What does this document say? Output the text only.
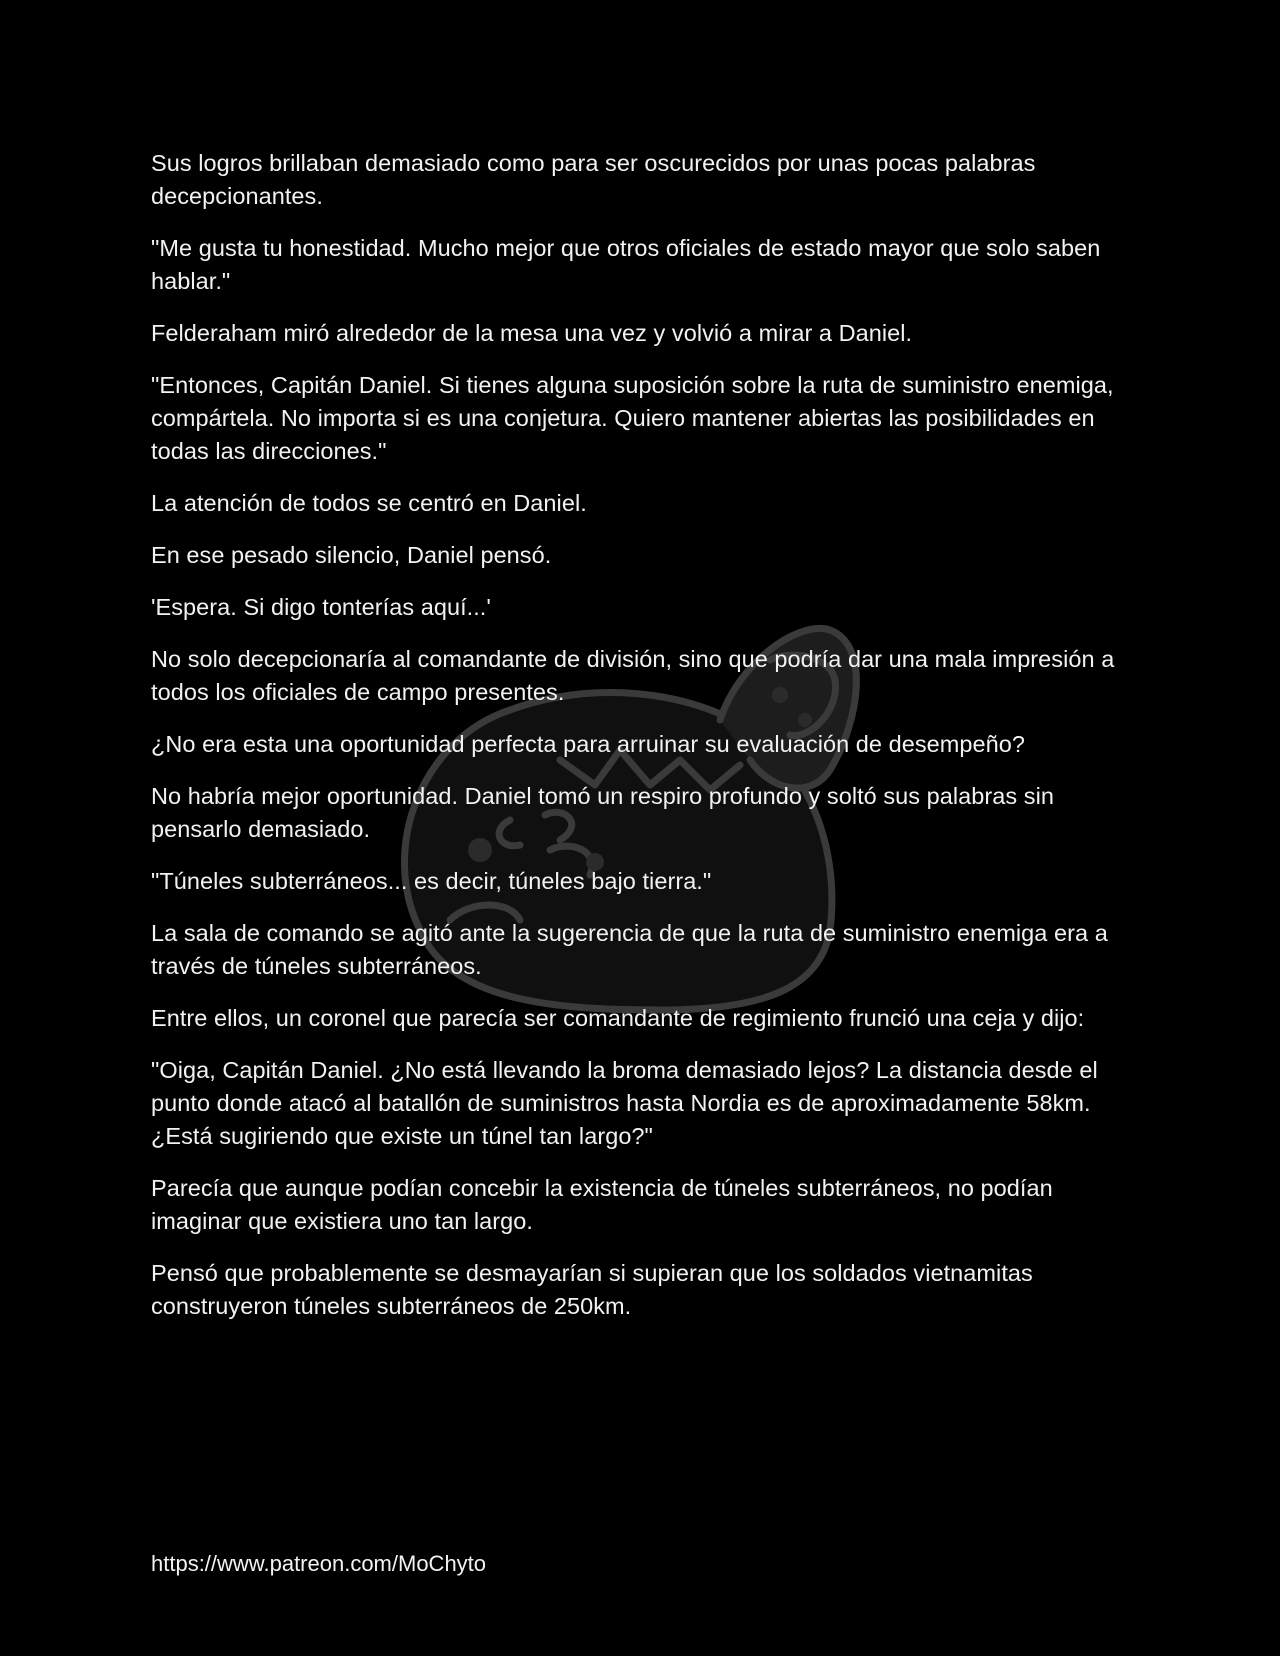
Sus logros brillaban demasiado como para ser oscurecidos por unas pocas palabras decepcionantes.

"Me gusta tu honestidad. Mucho mejor que otros oficiales de estado mayor que solo saben hablar."

Felderaham miró alrededor de la mesa una vez y volvió a mirar a Daniel.

"Entonces, Capitán Daniel. Si tienes alguna suposición sobre la ruta de suministro enemiga, compártela. No importa si es una conjetura. Quiero mantener abiertas las posibilidades en todas las direcciones."

La atención de todos se centró en Daniel.

En ese pesado silencio, Daniel pensó.

'Espera. Si digo tonterías aquí...'

No solo decepcionaría al comandante de división, sino que podría dar una mala impresión a todos los oficiales de campo presentes.

¿No era esta una oportunidad perfecta para arruinar su evaluación de desempeño?

No habría mejor oportunidad. Daniel tomó un respiro profundo y soltó sus palabras sin pensarlo demasiado.

"Túneles subterráneos... es decir, túneles bajo tierra."

La sala de comando se agitó ante la sugerencia de que la ruta de suministro enemiga era a través de túneles subterráneos.

Entre ellos, un coronel que parecía ser comandante de regimiento frunció una ceja y dijo:

"Oiga, Capitán Daniel. ¿No está llevando la broma demasiado lejos? La distancia desde el punto donde atacó al batallón de suministros hasta Nordia es de aproximadamente 58km. ¿Está sugiriendo que existe un túnel tan largo?"

Parecía que aunque podían concebir la existencia de túneles subterráneos, no podían imaginar que existiera uno tan largo.

Pensó que probablemente se desmayarían si supieran que los soldados vietnamitas construyeron túneles subterráneos de 250km.

https://www.patreon.com/MoChyto
